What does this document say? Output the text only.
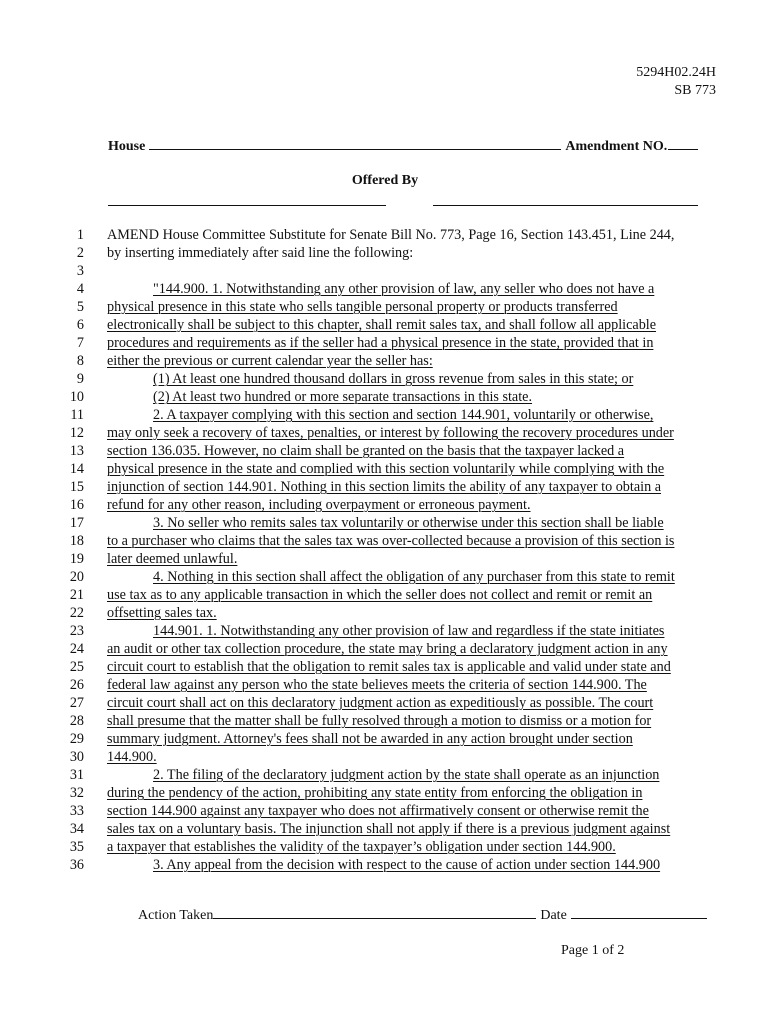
5294H02.24H
SB 773
House	Amendment NO.
Offered By
1 AMEND House Committee Substitute for Senate Bill No. 773, Page 16, Section 143.451, Line 244,
2 by inserting immediately after said line the following:
3
4	"144.900. 1. Notwithstanding any other provision of law, any seller who does not have a
5 physical presence in this state who sells tangible personal property or products transferred
6 electronically shall be subject to this chapter, shall remit sales tax, and shall follow all applicable
7 procedures and requirements as if the seller had a physical presence in the state, provided that in
8 either the previous or current calendar year the seller has:
9	(1) At least one hundred thousand dollars in gross revenue from sales in this state; or
10	(2) At least two hundred or more separate transactions in this state.
11	2. A taxpayer complying with this section and section 144.901, voluntarily or otherwise,
12 may only seek a recovery of taxes, penalties, or interest by following the recovery procedures under
13 section 136.035. However, no claim shall be granted on the basis that the taxpayer lacked a
14 physical presence in the state and complied with this section voluntarily while complying with the
15 injunction of section 144.901. Nothing in this section limits the ability of any taxpayer to obtain a
16 refund for any other reason, including overpayment or erroneous payment.
17	3. No seller who remits sales tax voluntarily or otherwise under this section shall be liable
18 to a purchaser who claims that the sales tax was over-collected because a provision of this section is
19 later deemed unlawful.
20	4. Nothing in this section shall affect the obligation of any purchaser from this state to remit
21 use tax as to any applicable transaction in which the seller does not collect and remit or remit an
22 offsetting sales tax.
23	144.901. 1. Notwithstanding any other provision of law and regardless if the state initiates
24 an audit or other tax collection procedure, the state may bring a declaratory judgment action in any
25 circuit court to establish that the obligation to remit sales tax is applicable and valid under state and
26 federal law against any person who the state believes meets the criteria of section 144.900. The
27 circuit court shall act on this declaratory judgment action as expeditiously as possible. The court
28 shall presume that the matter shall be fully resolved through a motion to dismiss or a motion for
29 summary judgment. Attorney's fees shall not be awarded in any action brought under section
30 144.900.
31	2. The filing of the declaratory judgment action by the state shall operate as an injunction
32 during the pendency of the action, prohibiting any state entity from enforcing the obligation in
33 section 144.900 against any taxpayer who does not affirmatively consent or otherwise remit the
34 sales tax on a voluntary basis. The injunction shall not apply if there is a previous judgment against
35 a taxpayer that establishes the validity of the taxpayer’s obligation under section 144.900.
36	3. Any appeal from the decision with respect to the cause of action under section 144.900
Action Taken	Date
Page 1 of 2
